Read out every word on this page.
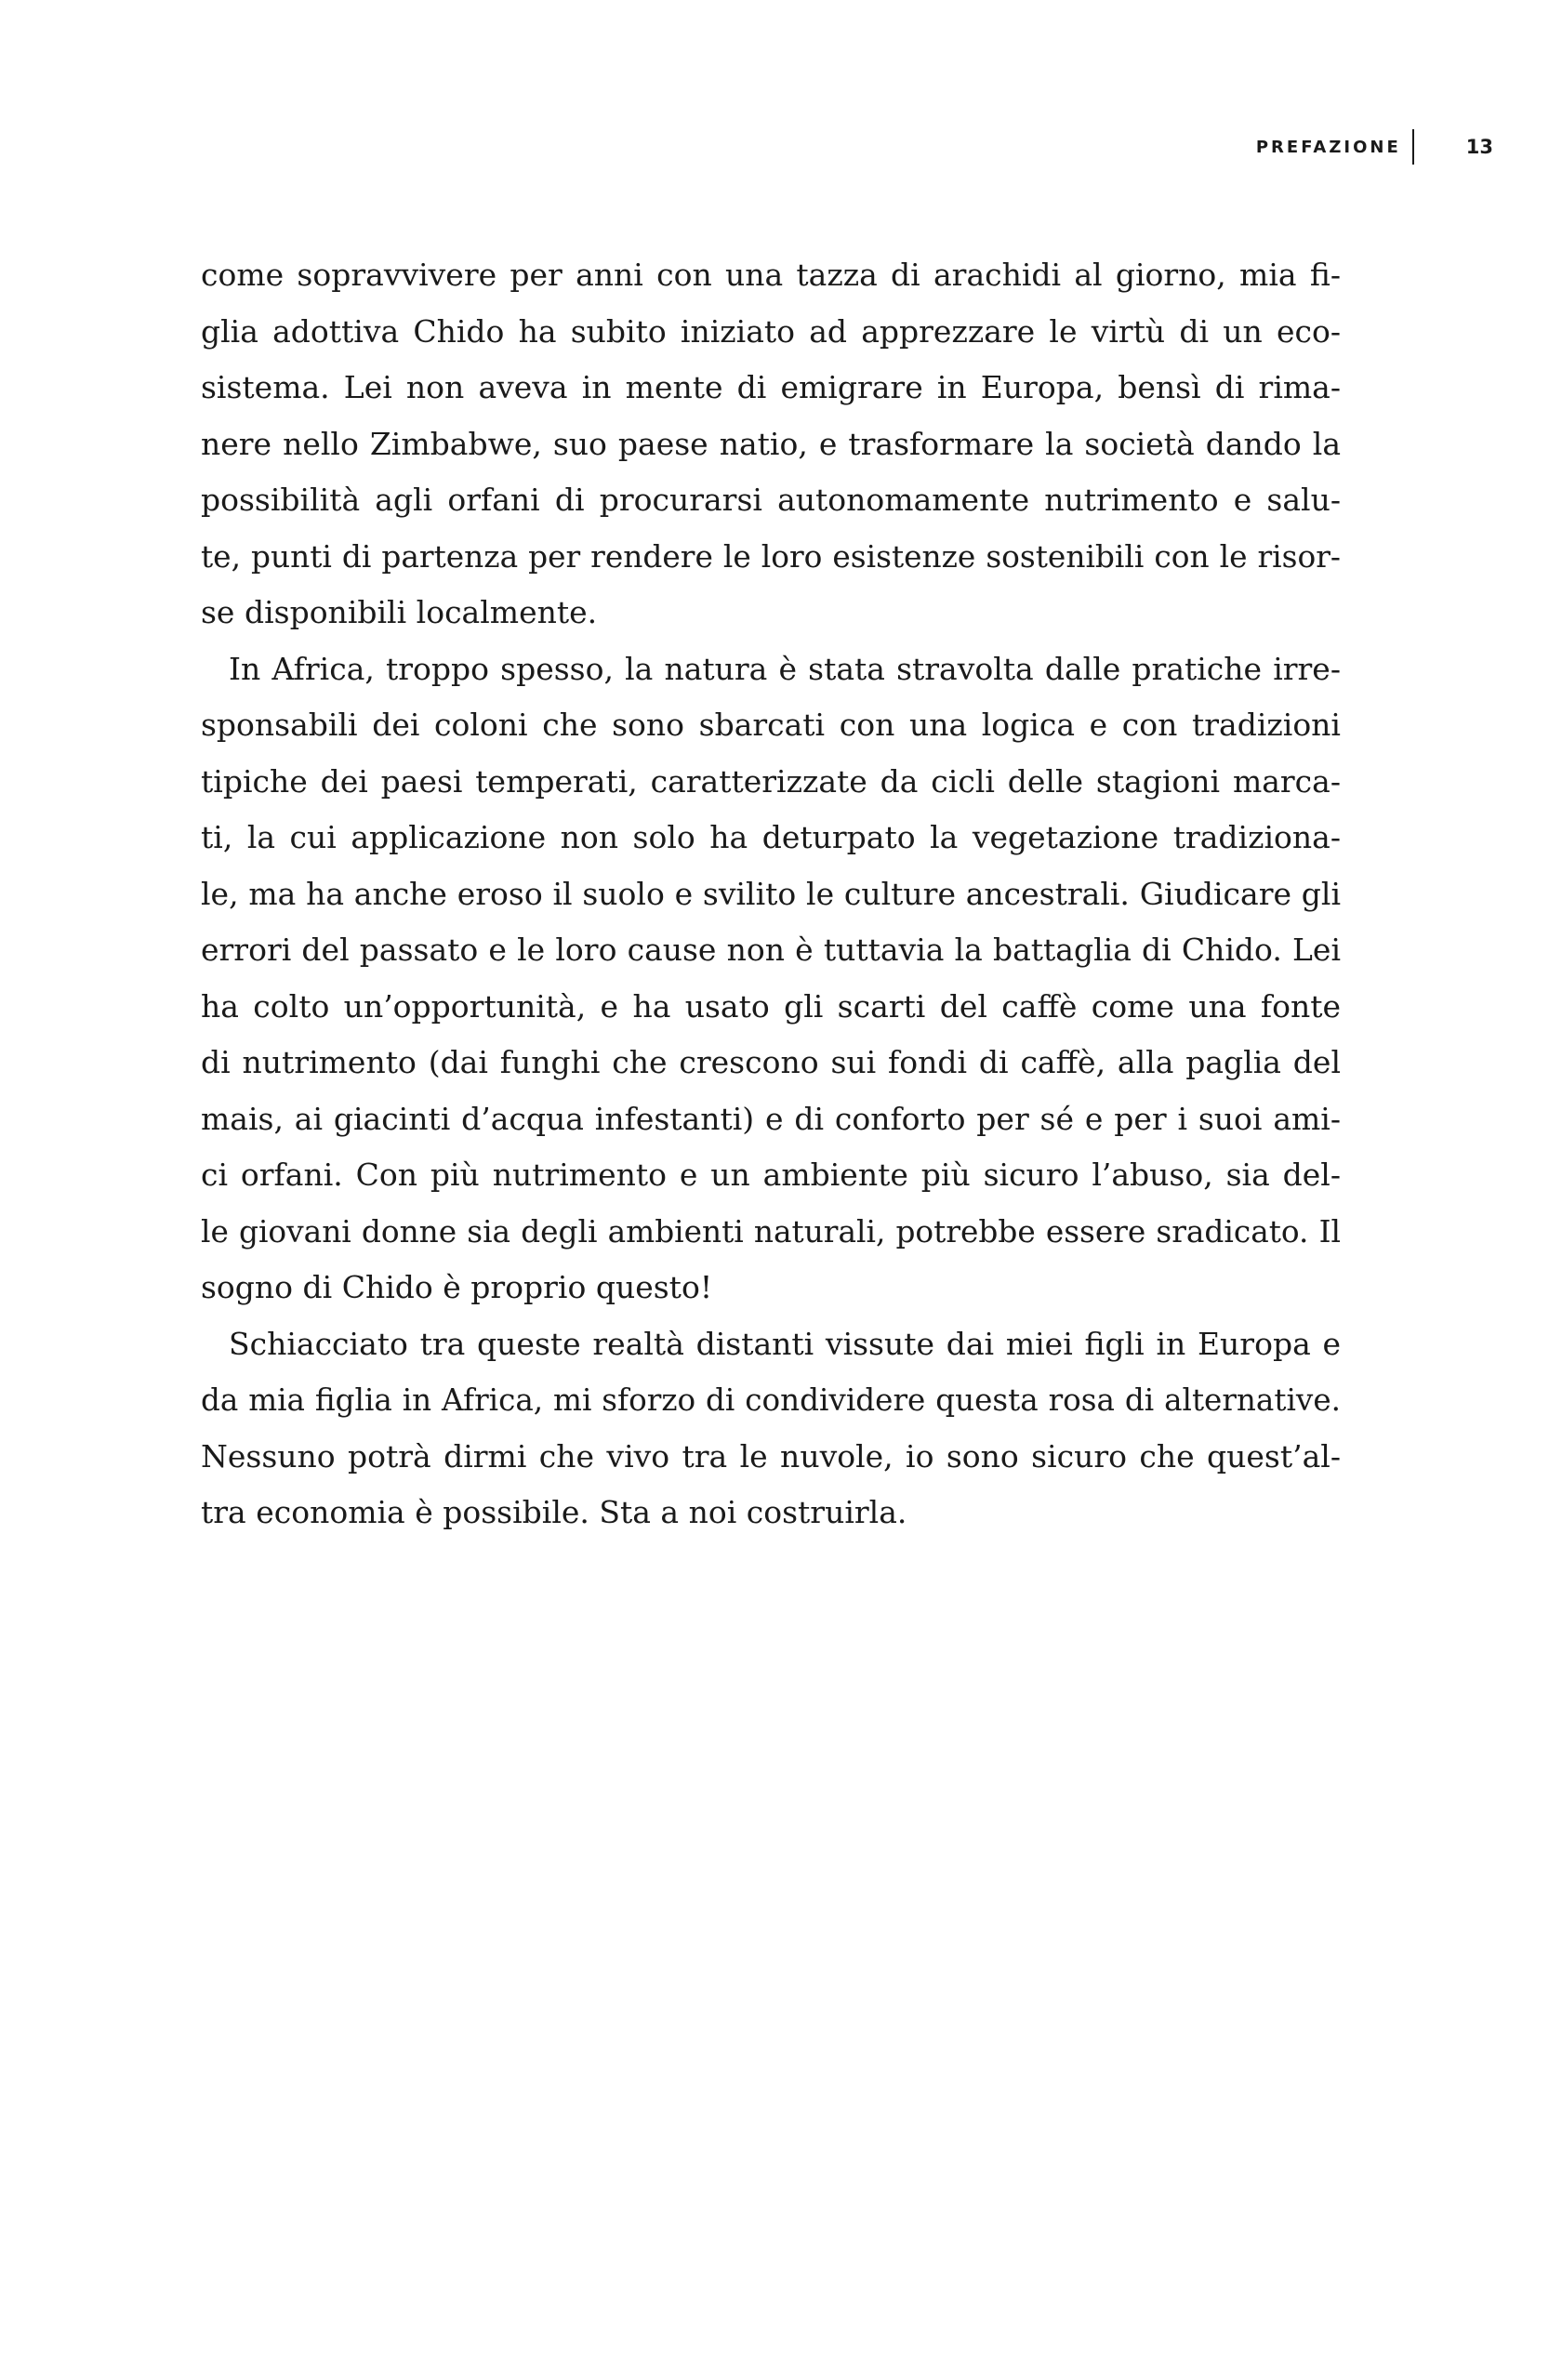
PREFAZIONE	13
come sopravvivere per anni con una tazza di arachidi al giorno, mia fi-
glia adottiva Chido ha subito iniziato ad apprezzare le virtù di un eco-
sistema. Lei non aveva in mente di emigrare in Europa, bensì di rima-
nere nello Zimbabwe, suo paese natio, e trasformare la società dando la
possibilità agli orfani di procurarsi autonomamente nutrimento e salu-
te, punti di partenza per rendere le loro esistenze sostenibili con le risor-
se disponibili localmente.
In Africa, troppo spesso, la natura è stata stravolta dalle pratiche irre-
sponsabili dei coloni che sono sbarcati con una logica e con tradizioni
tipiche dei paesi temperati, caratterizzate da cicli delle stagioni marca-
ti, la cui applicazione non solo ha deturpato la vegetazione tradiziona-
le, ma ha anche eroso il suolo e svilito le culture ancestrali. Giudicare gli
errori del passato e le loro cause non è tuttavia la battaglia di Chido. Lei
ha colto un’opportunità, e ha usato gli scarti del caffè come una fonte
di nutrimento (dai funghi che crescono sui fondi di caffè, alla paglia del
mais, ai giacinti d’acqua infestanti) e di conforto per sé e per i suoi ami-
ci orfani. Con più nutrimento e un ambiente più sicuro l’abuso, sia del-
le giovani donne sia degli ambienti naturali, potrebbe essere sradicato. Il
sogno di Chido è proprio questo!
Schiacciato tra queste realtà distanti vissute dai miei figli in Europa e
da mia figlia in Africa, mi sforzo di condividere questa rosa di alternative.
Nessuno potrà dirmi che vivo tra le nuvole, io sono sicuro che quest’al-
tra economia è possibile. Sta a noi costruirla.
